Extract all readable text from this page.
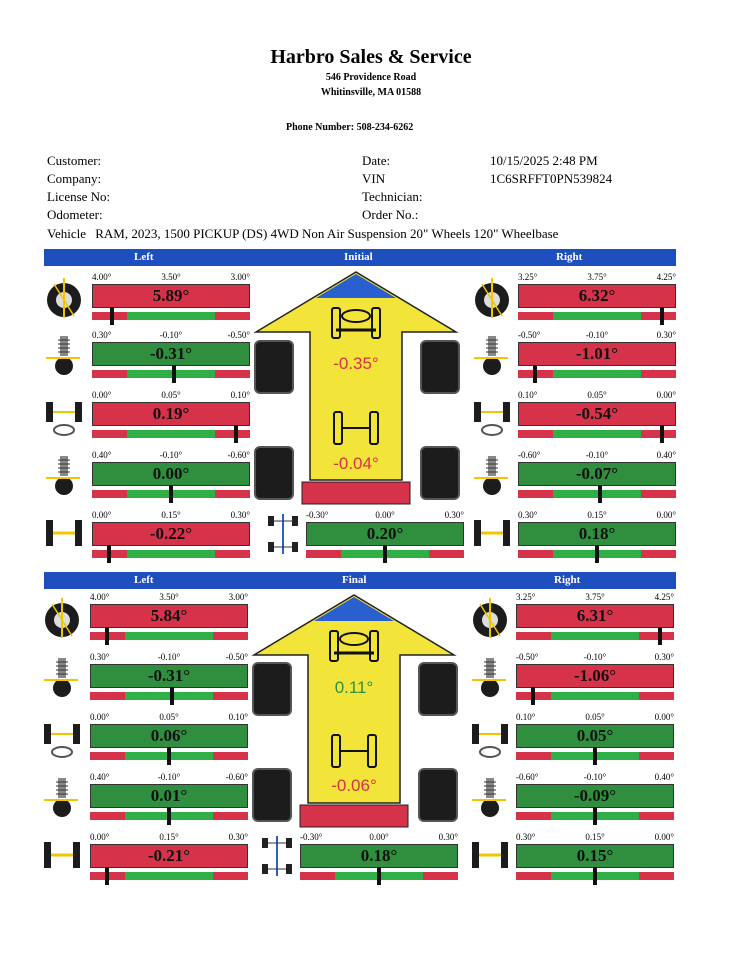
Harbro Sales & Service
546 Providence Road
Whitinsville, MA 01588
Phone Number: 508-234-6262
Customer:
Company:
License No:
Odometer:
Date:	10/15/2025 2:48 PM
VIN	1C6SRFFT0PN539824
Technician:
Order No.:
Vehicle RAM, 2023, 1500 PICKUP (DS) 4WD Non Air Suspension 20" Wheels 120" Wheelbase
Left	Initial	Right
-0.35°
-0.04°
Left	Final	Right
0.11°
-0.06°
4.00°	3.50°	3.00°
5.89°
0.30°	-0.10°	-0.50°
-0.31°
0.00°	0.05°	0.10°
0.19°
0.40°	-0.10°	-0.60°
0.00°
0.00°	0.15°	0.30°
-0.22°
3.25°	3.75°	4.25°
6.32°
-0.50°	-0.10°	0.30°
-1.01°
0.10°	0.05°	0.00°
-0.54°
-0.60°	-0.10°	0.40°
-0.07°
0.30°	0.15°	0.00°
0.18°
-0.30°	0.00°	0.30°
0.20°
4.00°	3.50°	3.00°
5.84°
0.30°	-0.10°	-0.50°
-0.31°
0.00°	0.05°	0.10°
0.06°
0.40°	-0.10°	-0.60°
0.01°
0.00°	0.15°	0.30°
-0.21°
3.25°	3.75°	4.25°
6.31°
-0.50°	-0.10°	0.30°
-1.06°
0.10°	0.05°	0.00°
0.05°
-0.60°	-0.10°	0.40°
-0.09°
0.30°	0.15°	0.00°
0.15°
-0.30°	0.00°	0.30°
0.18°
